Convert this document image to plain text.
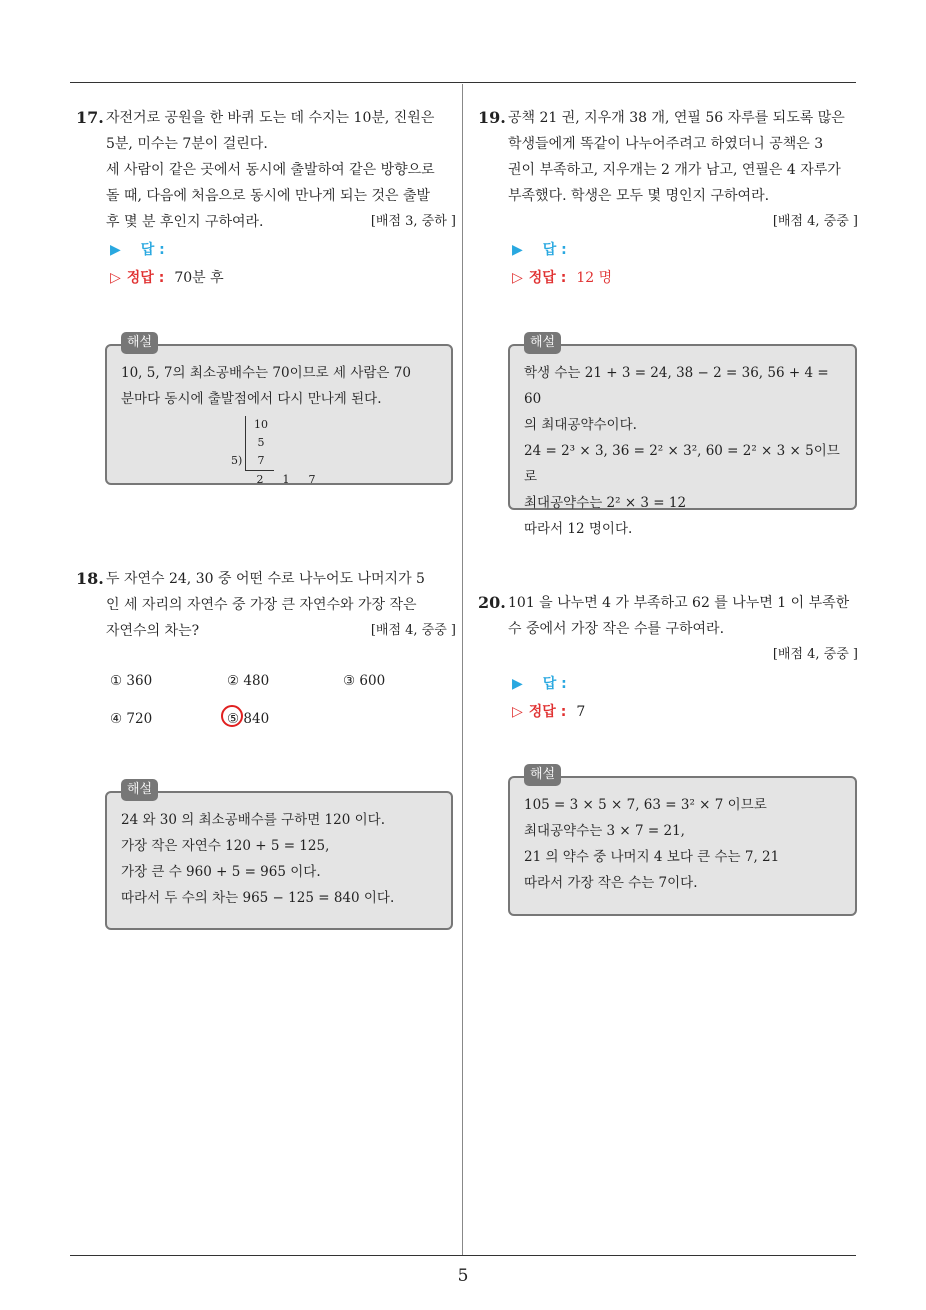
5
17. 자전거로 공원을 한 바퀴 도는 데 수지는 10분, 진원은
5분, 미수는 7분이 걸린다.
세 사람이 같은 곳에서 동시에 출발하여 같은 방향으로
돌 때, 다음에 처음으로 동시에 만나게 되는 것은 출발
후 몇 분 후인지 구하여라.	[배점 3, 중하 ]
▶ 답 :
▷ 정답 : 70분 후
해설
10, 5, 7의 최소공배수는 70이므로 세 사람은 70
분마다 동시에 출발점에서 다시 만나게 된다.
5)1057
2 1 7
18. 두 자연수 24, 30 중 어떤 수로 나누어도 나머지가 5
인 세 자리의 자연수 중 가장 큰 자연수와 가장 작은
자연수의 차는?	[배점 4, 중중 ]
① 360	② 480	③ 600
④ 720	⑤ 840
해설
24 와 30 의 최소공배수를 구하면 120 이다.
가장 작은 자연수 120 + 5 = 125,
가장 큰 수 960 + 5 = 965 이다.
따라서 두 수의 차는 965 − 125 = 840 이다.
19. 공책 21 권, 지우개 38 개, 연필 56 자루를 되도록 많은
학생들에게 똑같이 나누어주려고 하였더니 공책은 3
권이 부족하고, 지우개는 2 개가 남고, 연필은 4 자루가
부족했다. 학생은 모두 몇 명인지 구하여라.
[배점 4, 중중 ]
▶ 답 :
▷ 정답 : 12 명
해설
학생 수는 21 + 3 = 24, 38 − 2 = 36, 56 + 4 = 60
의 최대공약수이다.
24 = 2³ × 3, 36 = 2² × 3², 60 = 2² × 3 × 5이므로
최대공약수는 2² × 3 = 12
따라서 12 명이다.
20. 101 을 나누면 4 가 부족하고 62 를 나누면 1 이 부족한
수 중에서 가장 작은 수를 구하여라.
[배점 4, 중중 ]
▶ 답 :
▷ 정답 : 7
해설
105 = 3 × 5 × 7, 63 = 3² × 7 이므로
최대공약수는 3 × 7 = 21,
21 의 약수 중 나머지 4 보다 큰 수는 7, 21
따라서 가장 작은 수는 7이다.
